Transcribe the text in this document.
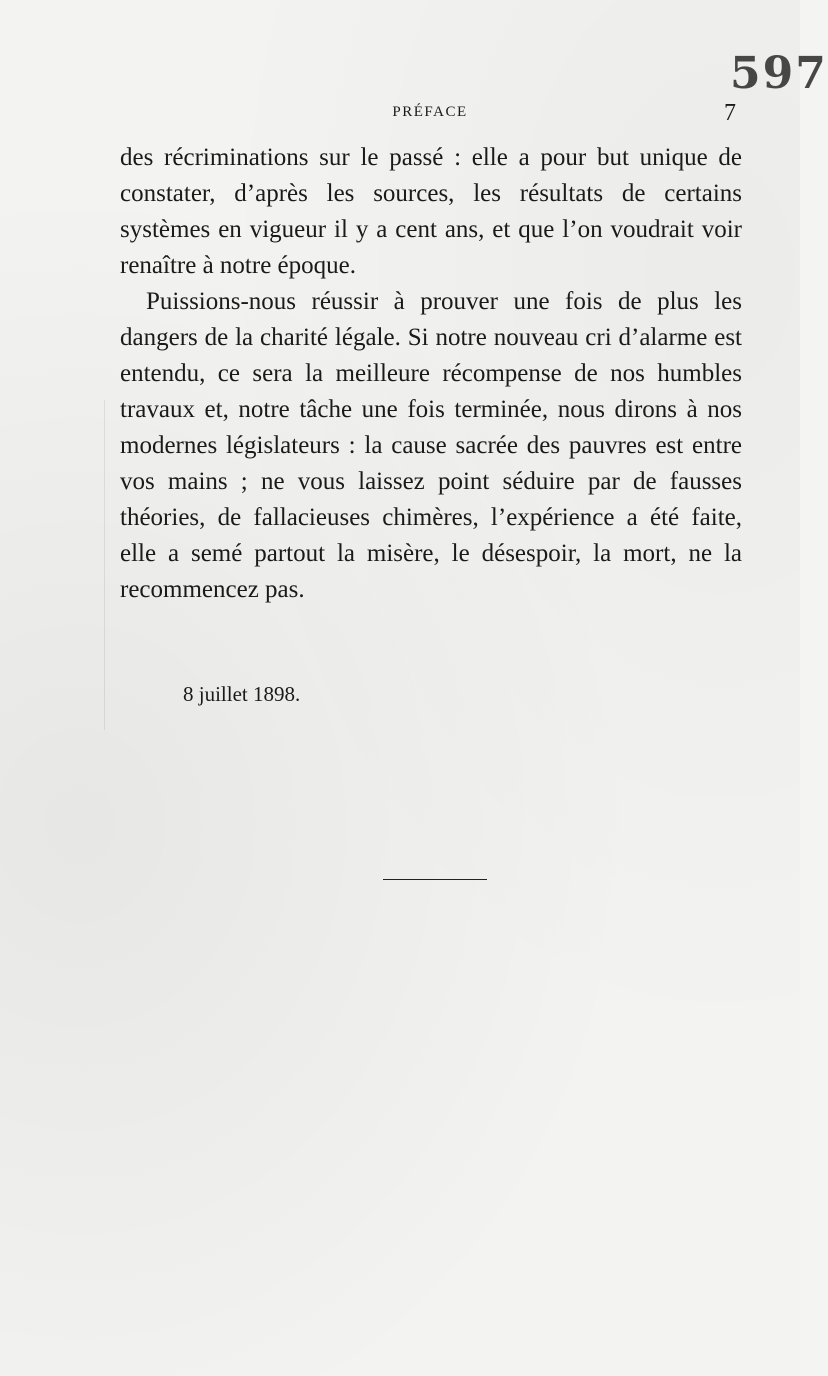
597
PRÉFACE	7

des récriminations sur le passé : elle a pour but unique de constater, d’après les sources, les résultats de certains systèmes en vigueur il y a cent ans, et que l’on voudrait voir renaître à notre époque.

Puissions-nous réussir à prouver une fois de plus les dangers de la charité légale. Si notre nouveau cri d’alarme est entendu, ce sera la meilleure récompense de nos humbles travaux et, notre tâche une fois terminée, nous dirons à nos modernes législateurs : la cause sacrée des pauvres est entre vos mains ; ne vous laissez point séduire par de fausses théories, de fallacieuses chimères, l’expérience a été faite, elle a semé partout la misère, le désespoir, la mort, ne la recommencez pas.

8 juillet 1898.
